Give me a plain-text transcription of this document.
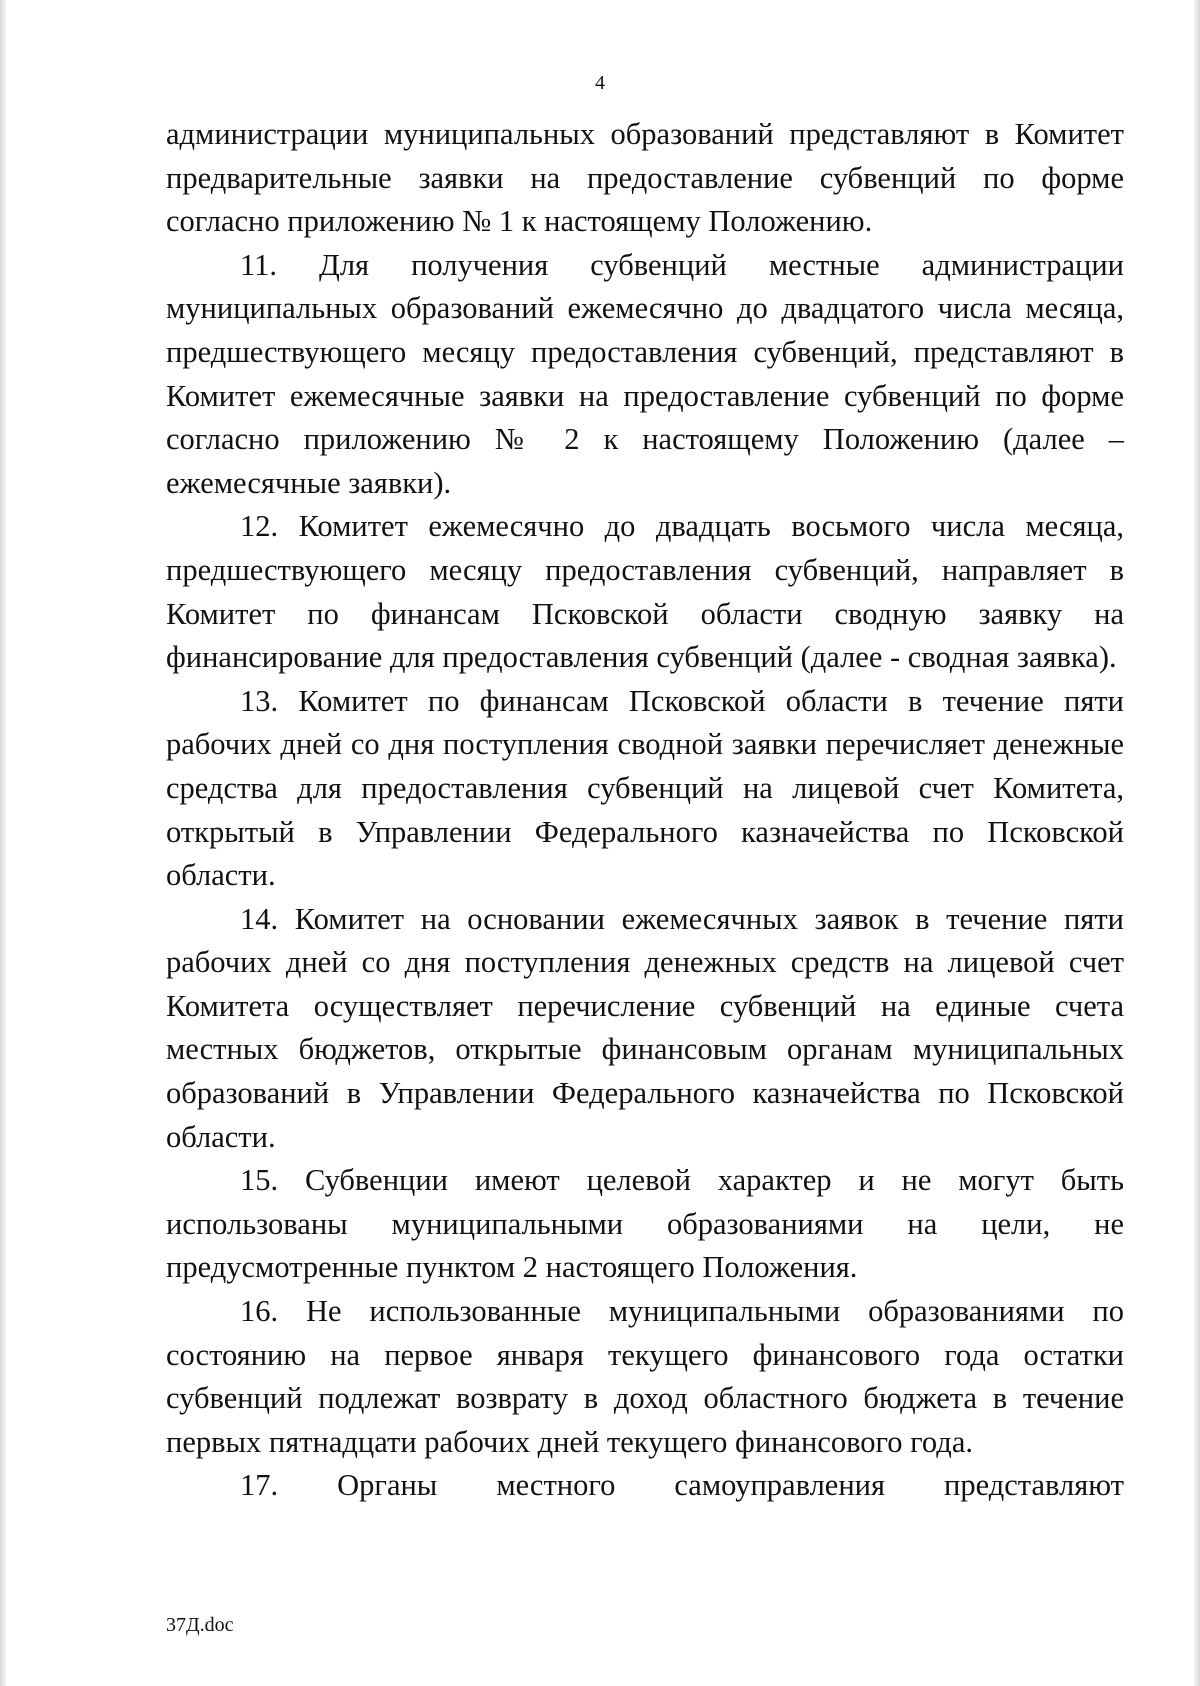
4

администрации муниципальных образований представляют в Комитет предварительные заявки на предоставление субвенций по форме согласно приложению № 1 к настоящему Положению.

11. Для получения субвенций местные администрации муниципальных образований ежемесячно до двадцатого числа месяца, предшествующего месяцу предоставления субвенций, представляют в Комитет ежемесячные заявки на предоставление субвенций по форме согласно приложению № 2 к настоящему Положению (далее – ежемесячные заявки).

12. Комитет ежемесячно до двадцать восьмого числа месяца, предшествующего месяцу предоставления субвенций, направляет в Комитет по финансам Псковской области сводную заявку на финансирование для предоставления субвенций (далее - сводная заявка).

13. Комитет по финансам Псковской области в течение пяти рабочих дней со дня поступления сводной заявки перечисляет денежные средства для предоставления субвенций на лицевой счет Комитета, открытый в Управлении Федерального казначейства по Псковской области.

14. Комитет на основании ежемесячных заявок в течение пяти рабочих дней со дня поступления денежных средств на лицевой счет Комитета осуществляет перечисление субвенций на единые счета местных бюджетов, открытые финансовым органам муниципальных образований в Управлении Федерального казначейства по Псковской области.

15. Субвенции имеют целевой характер и не могут быть использованы муниципальными образованиями на цели, не предусмотренные пунктом 2 настоящего Положения.

16. Не использованные муниципальными образованиями по состоянию на первое января текущего финансового года остатки субвенций подлежат возврату в доход областного бюджета в течение первых пятнадцати рабочих дней текущего финансового года.

17. Органы местного самоуправления представляют

37Д.doc
